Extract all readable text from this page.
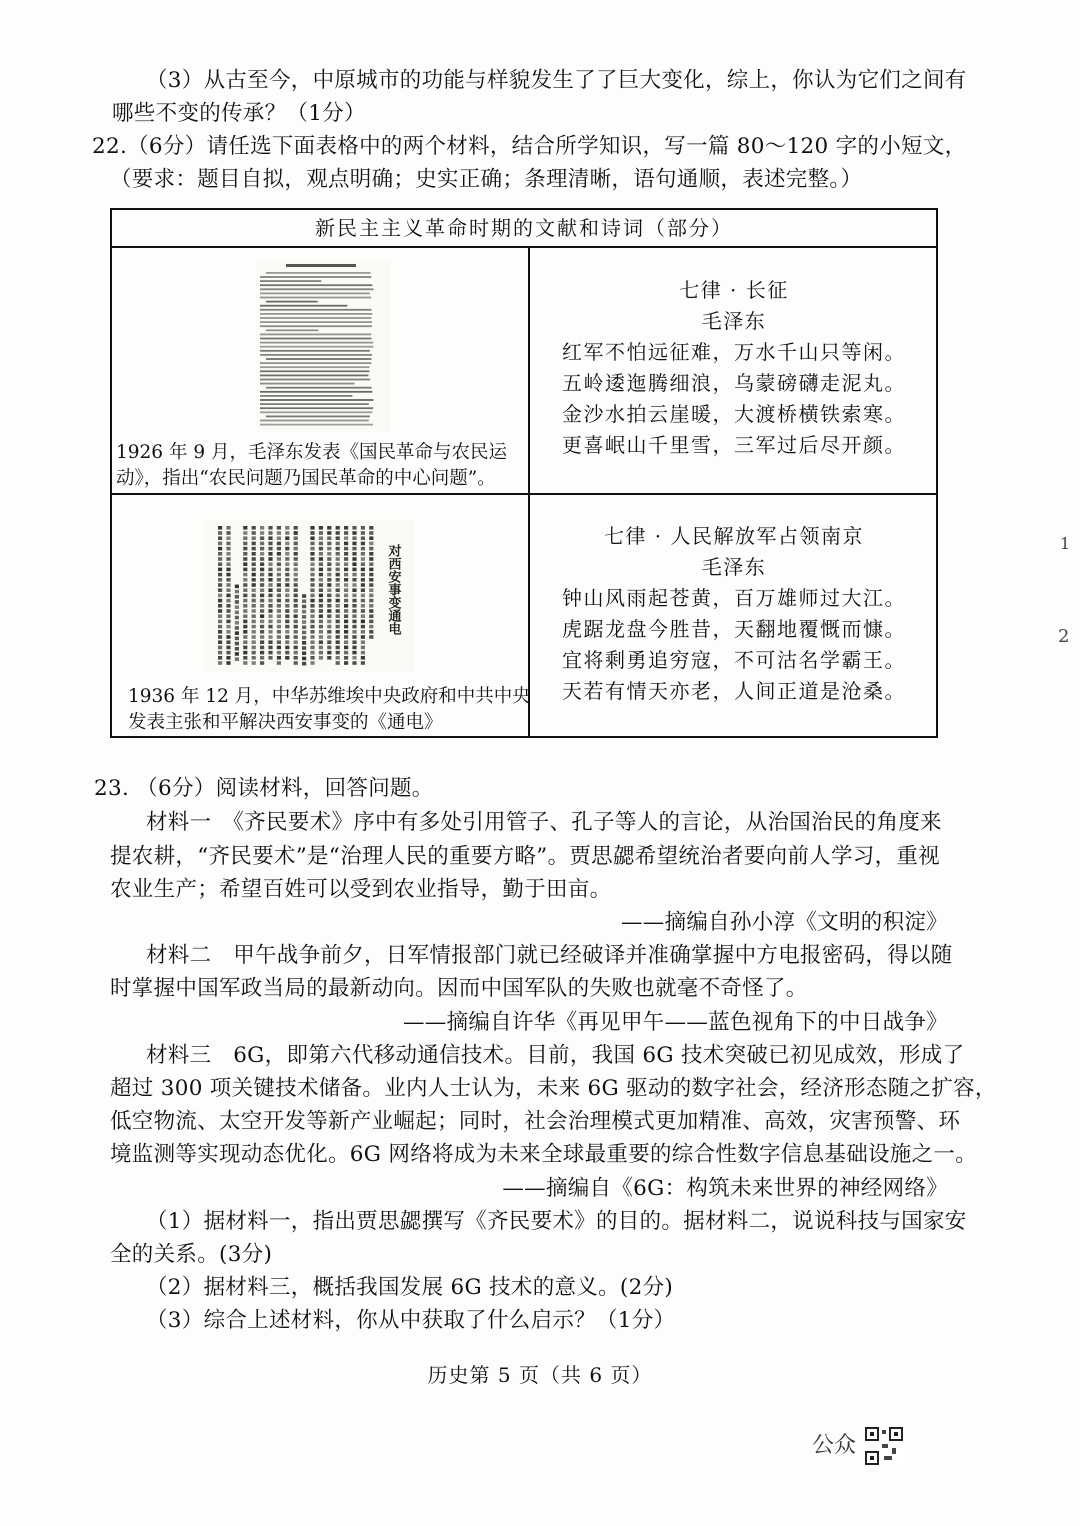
（3）从古至今，中原城市的功能与样貌发生了了巨大变化，综上，你认为它们之间有
哪些不变的传承？（1分）
22.（6分）请任选下面表格中的两个材料，结合所学知识，写一篇 80～120 字的小短文，
（要求：题目自拟，观点明确；史实正确；条理清晰，语句通顺，表述完整。）
新民主主义革命时期的文献和诗词（部分）
1926 年 9 月，毛泽东发表《国民革命与农民运
动》，指出“农民问题乃国民革命的中心问题”。
七律 · 长征
毛泽东
红军不怕远征难，万水千山只等闲。
五岭逶迤腾细浪，乌蒙磅礴走泥丸。
金沙水拍云崖暖，大渡桥横铁索寒。
更喜岷山千里雪，三军过后尽开颜。
对西安事变通电
1936 年 12 月，中华苏维埃中央政府和中共中央
发表主张和平解决西安事变的《通电》
七律 · 人民解放军占领南京
毛泽东
钟山风雨起苍黄，百万雄师过大江。
虎踞龙盘今胜昔，天翻地覆慨而慷。
宜将剩勇追穷寇，不可沽名学霸王。
天若有情天亦老，人间正道是沧桑。
23. （6分）阅读材料，回答问题。
材料一　《齐民要术》序中有多处引用管子、孔子等人的言论，从治国治民的角度来
提农耕，“齐民要术”是“治理人民的重要方略”。贾思勰希望统治者要向前人学习，重视
农业生产；希望百姓可以受到农业指导，勤于田亩。
——摘编自孙小淳《文明的积淀》
材料二　甲午战争前夕，日军情报部门就已经破译并准确掌握中方电报密码，得以随
时掌握中国军政当局的最新动向。因而中国军队的失败也就毫不奇怪了。
——摘编自许华《再见甲午——蓝色视角下的中日战争》
材料三　6G，即第六代移动通信技术。目前，我国 6G 技术突破已初见成效，形成了
超过 300 项关键技术储备。业内人士认为，未来 6G 驱动的数字社会，经济形态随之扩容，
低空物流、太空开发等新产业崛起；同时，社会治理模式更加精准、高效，灾害预警、环
境监测等实现动态优化。6G 网络将成为未来全球最重要的综合性数字信息基础设施之一。
——摘编自《6G：构筑未来世界的神经网络》
（1）据材料一，指出贾思勰撰写《齐民要术》的目的。据材料二，说说科技与国家安
全的关系。(3分)
（2）据材料三，概括我国发展 6G 技术的意义。(2分)
（3）综合上述材料，你从中获取了什么启示？（1分）
历史第 5 页（共 6 页）
公众
1
2
